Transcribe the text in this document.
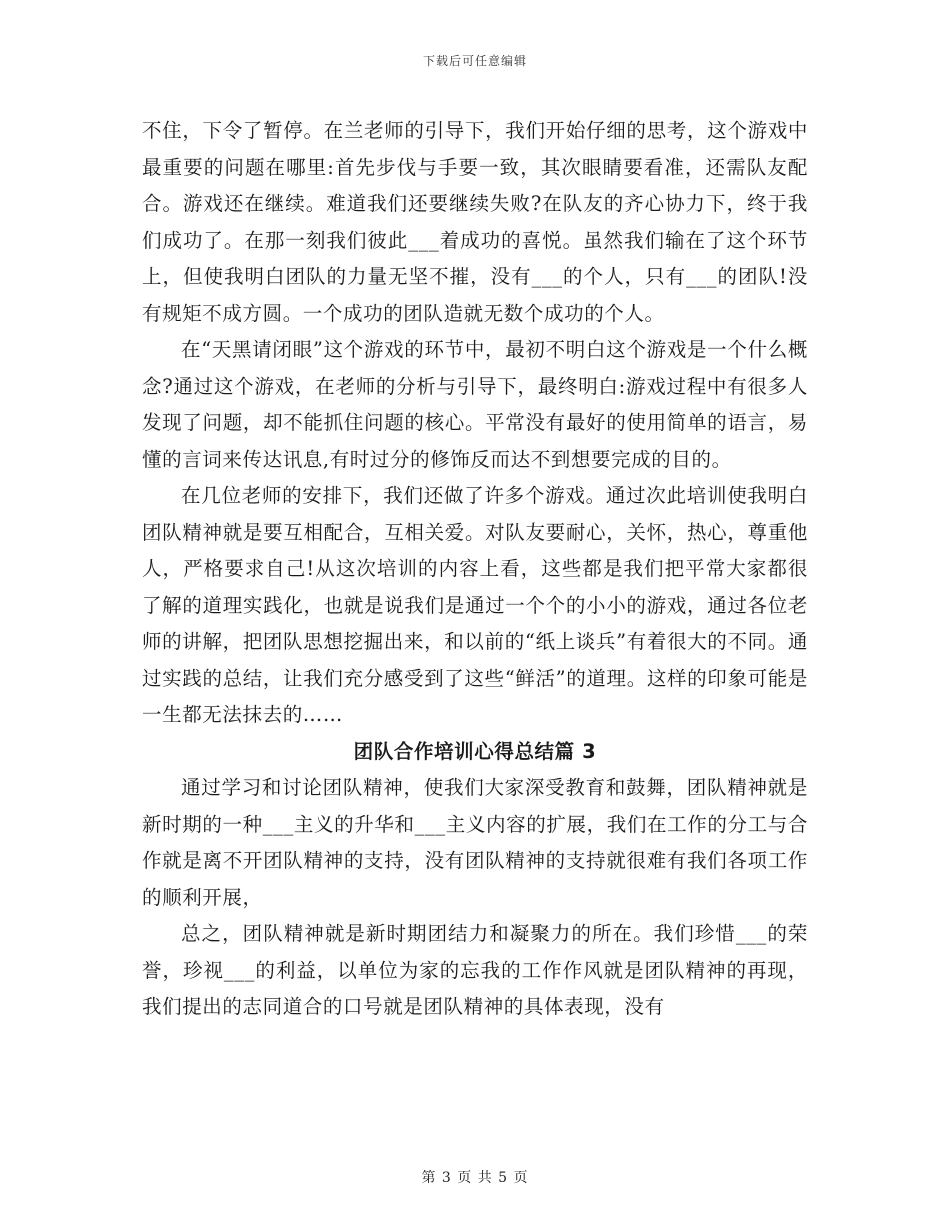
下载后可任意编辑

不住，下令了暂停。在兰老师的引导下，我们开始仔细的思考，这个游戏中最重要的问题在哪里:首先步伐与手要一致，其次眼睛要看准，还需队友配合。游戏还在继续。难道我们还要继续失败?在队友的齐心协力下，终于我们成功了。在那一刻我们彼此___着成功的喜悦。虽然我们输在了这个环节上，但使我明白团队的力量无坚不摧，没有___的个人，只有___的团队!没有规矩不成方圆。一个成功的团队造就无数个成功的个人。

在“天黑请闭眼”这个游戏的环节中，最初不明白这个游戏是一个什么概念?通过这个游戏，在老师的分析与引导下，最终明白:游戏过程中有很多人发现了问题，却不能抓住问题的核心。平常没有最好的使用简单的语言，易懂的言词来传达讯息,有时过分的修饰反而达不到想要完成的目的。

在几位老师的安排下，我们还做了许多个游戏。通过次此培训使我明白团队精神就是要互相配合，互相关爱。对队友要耐心，关怀，热心，尊重他人，严格要求自己!从这次培训的内容上看，这些都是我们把平常大家都很了解的道理实践化，也就是说我们是通过一个个的小小的游戏，通过各位老师的讲解，把团队思想挖掘出来，和以前的“纸上谈兵”有着很大的不同。通过实践的总结，让我们充分感受到了这些“鲜活”的道理。这样的印象可能是一生都无法抹去的……

团队合作培训心得总结篇 3

通过学习和讨论团队精神，使我们大家深受教育和鼓舞，团队精神就是新时期的一种___主义的升华和___主义内容的扩展，我们在工作的分工与合作就是离不开团队精神的支持，没有团队精神的支持就很难有我们各项工作的顺利开展，

总之，团队精神就是新时期团结力和凝聚力的所在。我们珍惜___的荣誉，珍视___的利益，以单位为家的忘我的工作作风就是团队精神的再现，我们提出的志同道合的口号就是团队精神的具体表现，没有

第 3 页 共 5 页
